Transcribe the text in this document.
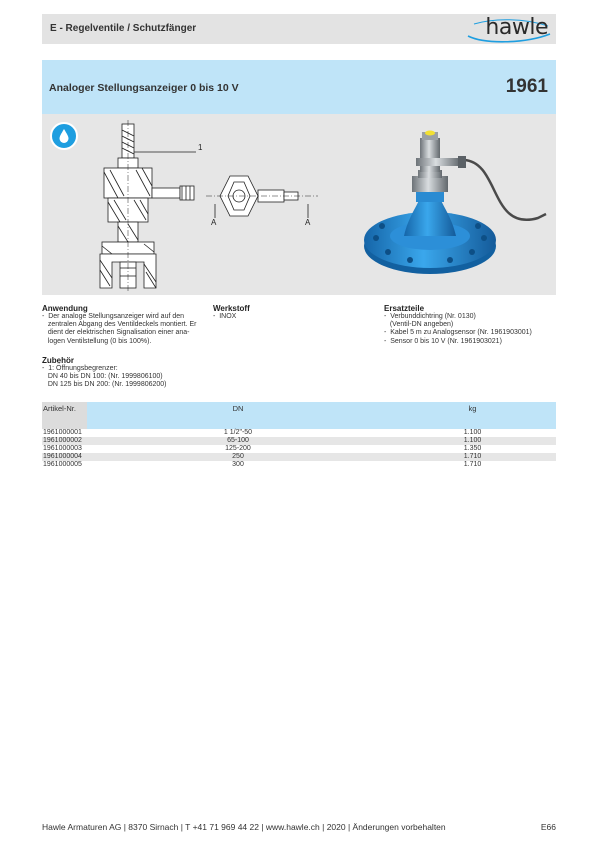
E - Regelventile / Schutzfänger	hawle
Analoger Stellungsanzeiger 0 bis 10 V	1961
1
A	A
Anwendung
-  Der analoge Stellungsanzeiger wird auf den
zentralen Abgang des Ventildeckels montiert. Er
dient der elektrischen Signalisation einer ana-
logen Ventilstellung (0 bis 100%).
Werkstoff
-  INOX
Ersatzteile
-  Verbunddichtring (Nr. 0130)
(Ventil-DN angeben)
-  Kabel 5 m zu Analogsensor (Nr. 1961903001)
-  Sensor 0 bis 10 V (Nr. 1961903021)
Zubehör
-  1: Öffnungsbegrenzer:
DN 40 bis DN 100: (Nr. 1999806100)
DN 125 bis DN 200: (Nr. 1999806200)
Artikel-Nr.	DN	kg
1961000001	1 1/2"-50	1.100
1961000002	65-100	1.100
1961000003	125-200	1.350
1961000004	250	1.710
1961000005	300	1.710
Hawle Armaturen AG | 8370 Sirnach | T +41 71 969 44 22 | www.hawle.ch | 2020 | Änderungen vorbehalten	E66
